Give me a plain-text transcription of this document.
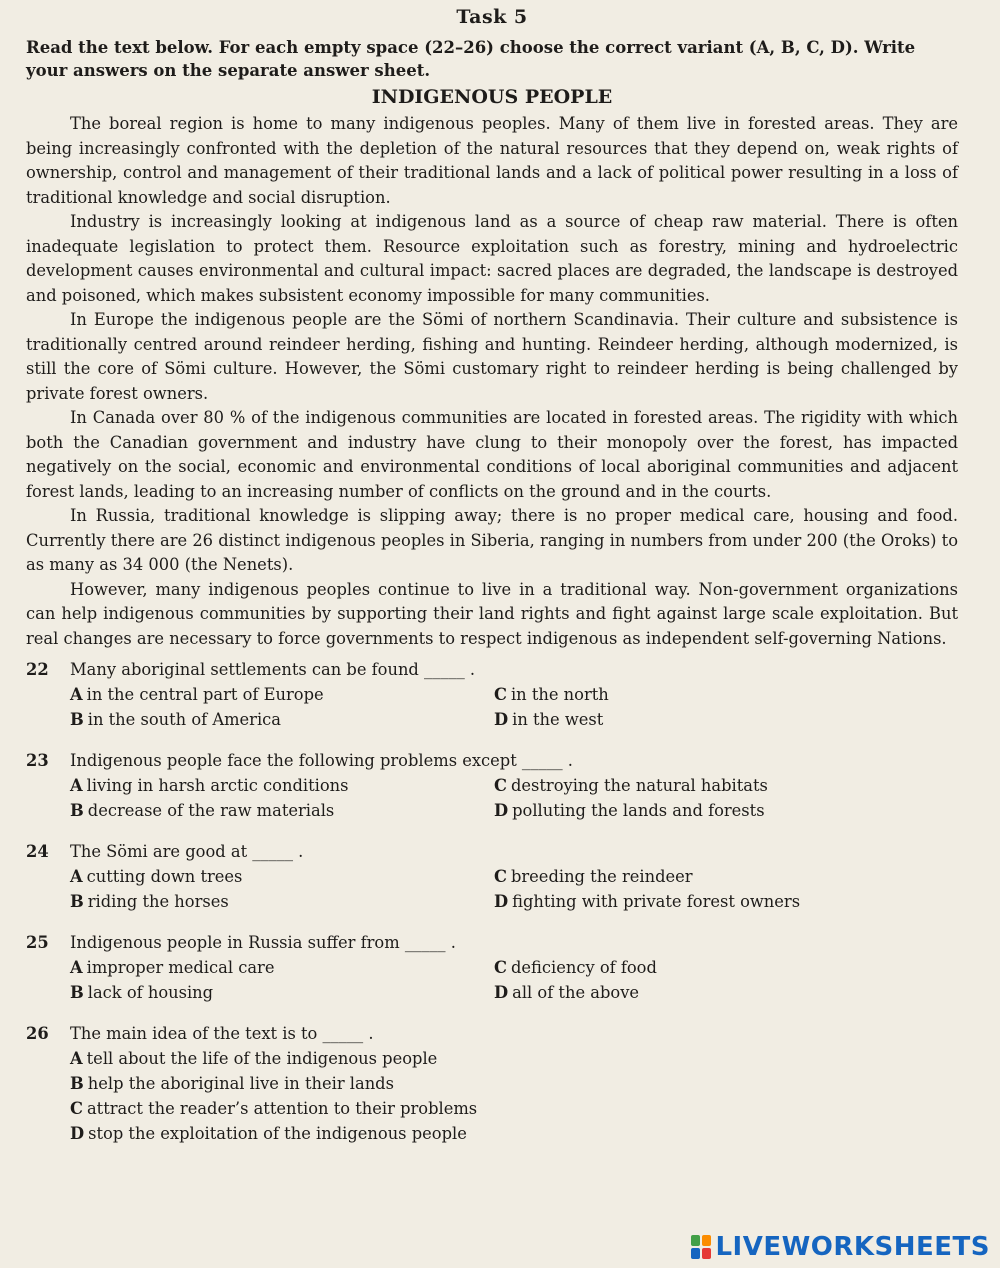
Task 5
Read the text below. For each empty space (22–26) choose the correct variant (A, B, C, D). Write your answers on the separate answer sheet.
INDIGENOUS PEOPLE

The boreal region is home to many indigenous peoples. Many of them live in forested areas. They are being increasingly confronted with the depletion of the natural resources that they depend on, weak rights of ownership, control and management of their traditional lands and a lack of political power resulting in a loss of traditional knowledge and social disruption.

Industry is increasingly looking at indigenous land as a source of cheap raw material. There is often inadequate legislation to protect them. Resource exploitation such as forestry, mining and hydroelectric development causes environmental and cultural impact: sacred places are degraded, the landscape is destroyed and poisoned, which makes subsistent economy impossible for many communities.

In Europe the indigenous people are the Sömi of northern Scandinavia. Their culture and subsistence is traditionally centred around reindeer herding, fishing and hunting. Reindeer herding, although modernized, is still the core of Sömi culture. However, the Sömi customary right to reindeer herding is being challenged by private forest owners.

In Canada over 80 % of the indigenous communities are located in forested areas. The rigidity with which both the Canadian government and industry have clung to their monopoly over the forest, has impacted negatively on the social, economic and environmental conditions of local aboriginal communities and adjacent forest lands, leading to an increasing number of conflicts on the ground and in the courts.

In Russia, traditional knowledge is slipping away; there is no proper medical care, housing and food. Currently there are 26 distinct indigenous peoples in Siberia, ranging in numbers from under 200 (the Oroks) to as many as 34 000 (the Nenets).

However, many indigenous peoples continue to live in a traditional way. Non-government organizations can help indigenous communities by supporting their land rights and fight against large scale exploitation. But real changes are necessary to force governments to respect indigenous as independent self-governing Nations.

22	Many aboriginal settlements can be found _____ .
A in the central part of Europe	C in the north
B in the south of America	D in the west
23	Indigenous people face the following problems except _____ .
A living in harsh arctic conditions	C destroying the natural habitats
B decrease of the raw materials	D polluting the lands and forests
24	The Sömi are good at _____ .
A cutting down trees	C breeding the reindeer
B riding the horses	D fighting with private forest owners
25	Indigenous people in Russia suffer from _____ .
A improper medical care	C deficiency of food
B lack of housing	D all of the above
26	The main idea of the text is to _____ .
A tell about the life of the indigenous people
B help the aboriginal live in their lands
C attract the reader’s attention to their problems
D stop the exploitation of the indigenous people
LIVEWORKSHEETS
